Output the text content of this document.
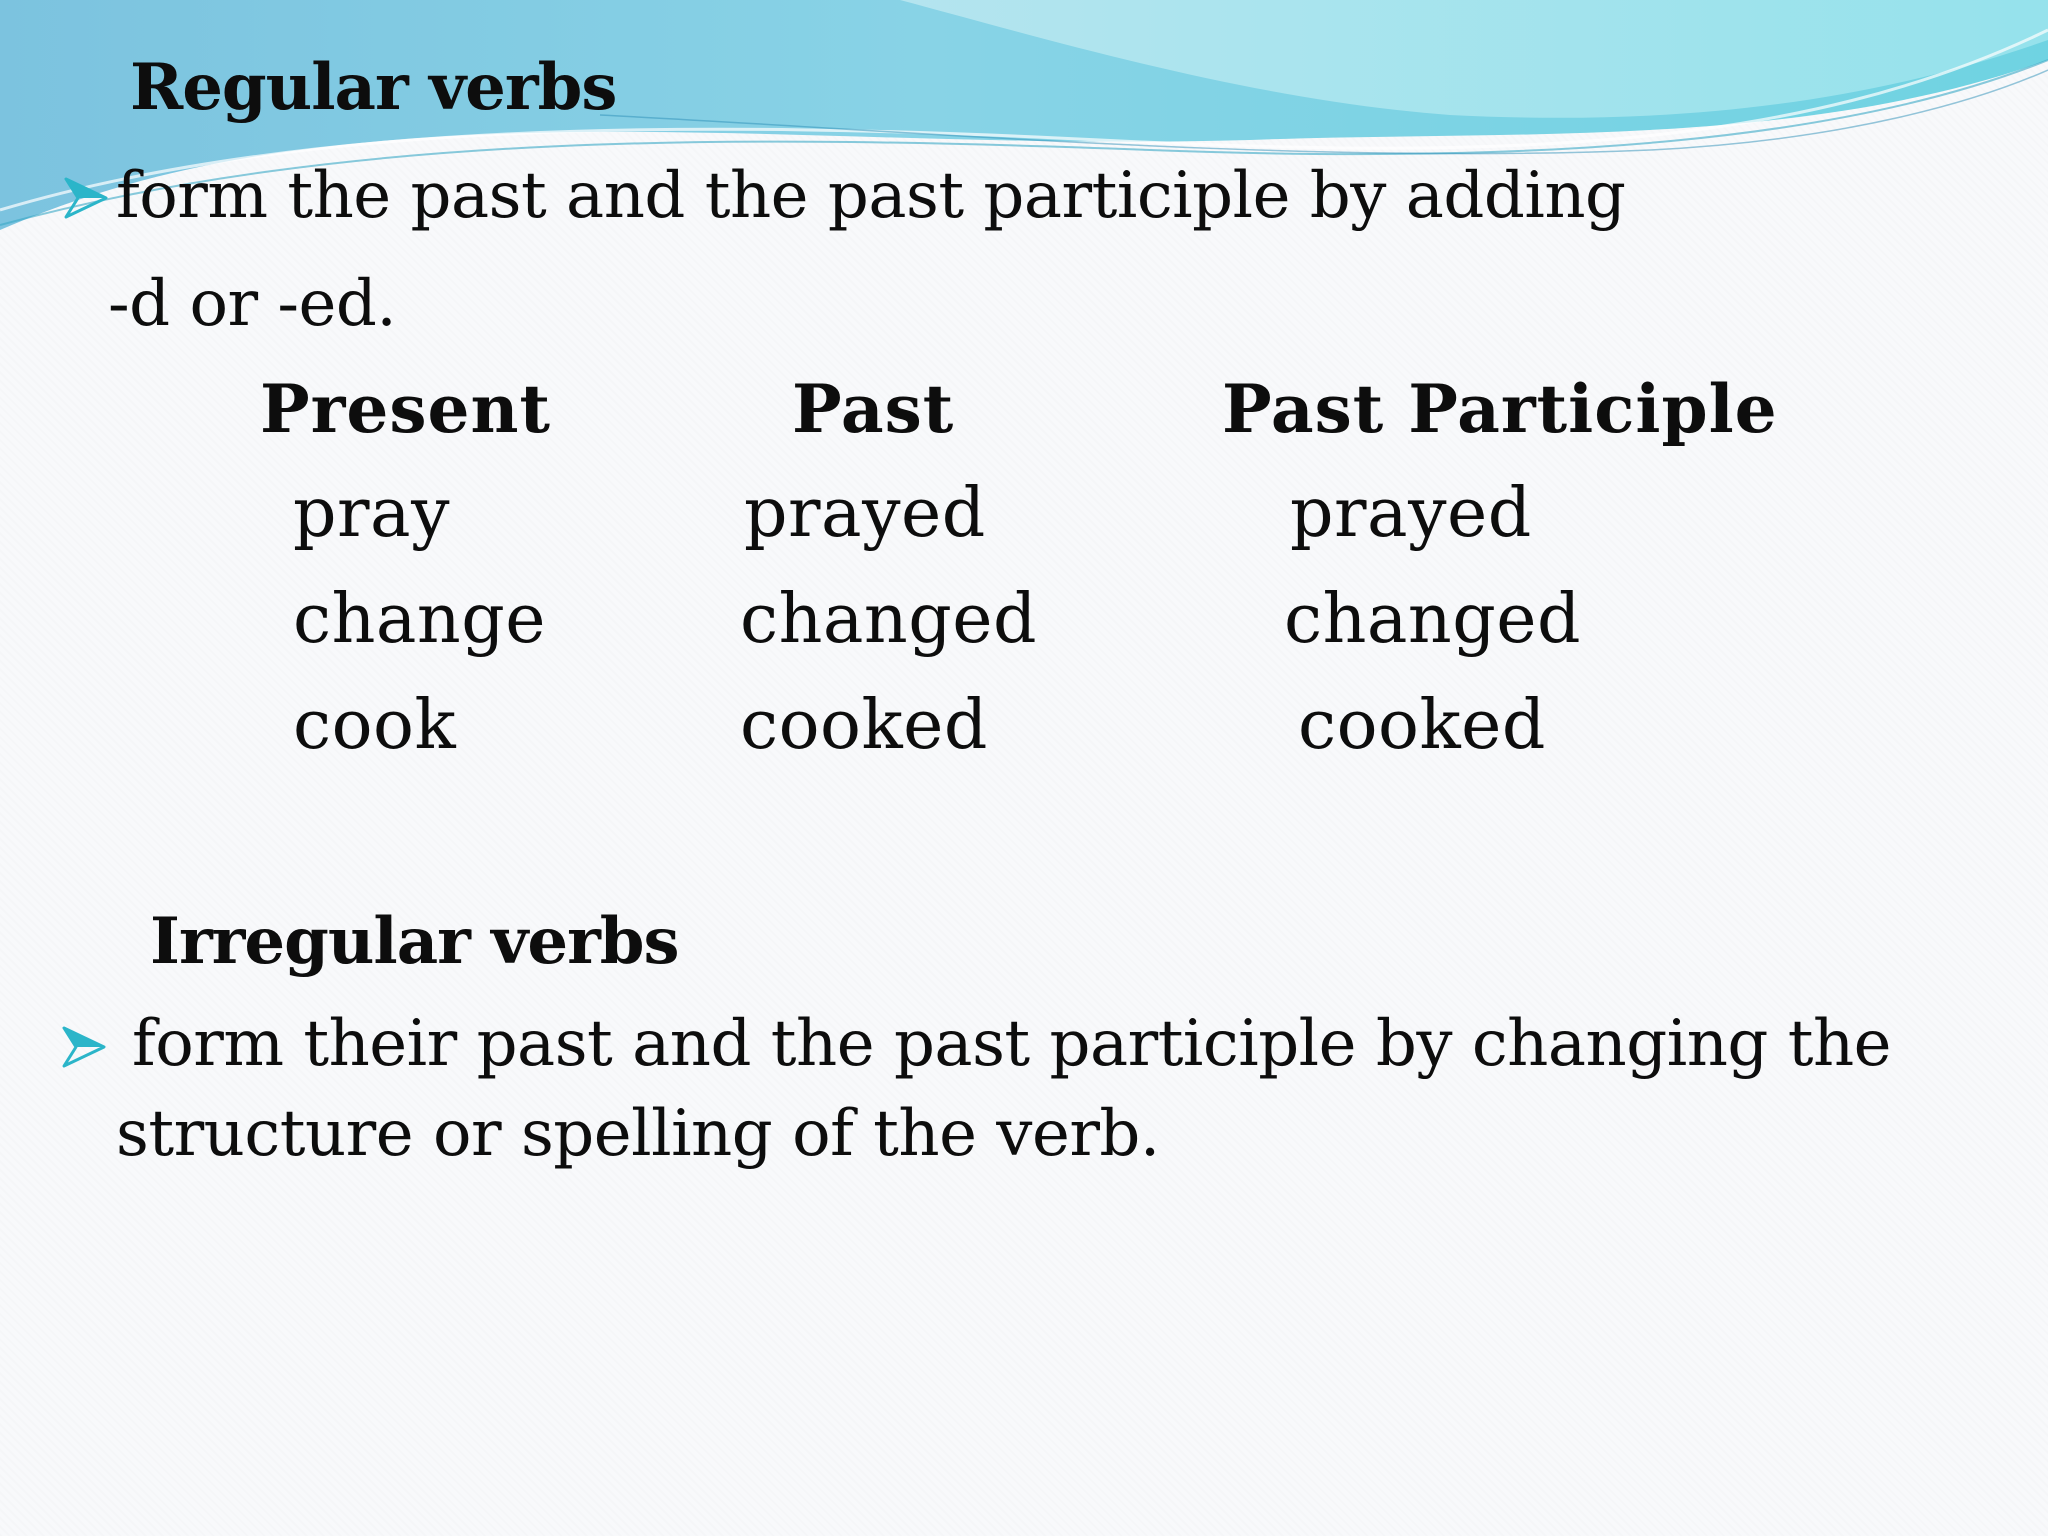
Regular verbs
form the past and the past participle by adding
-d or -ed.
Present	Past	Past Participle
pray	prayed	prayed
change	changed	changed
cook	cooked	cooked
Irregular verbs
form their past and the past participle by changing the
structure or spelling of the verb.
